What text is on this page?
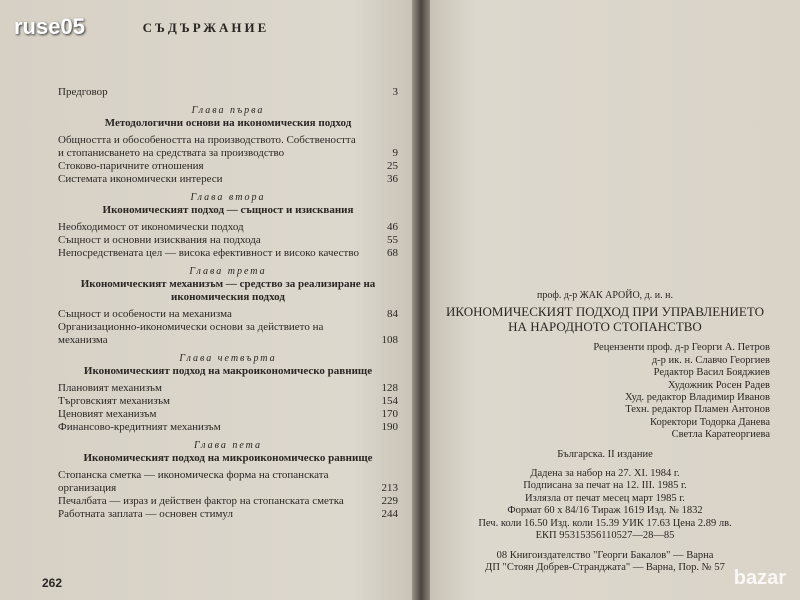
СЪДЪРЖАНИЕ
Предговор	3
Глава първа
Методологични основи на икономическия подход
Общността и обособеността на производството. Собствеността и стопанисването на средствата за производство	9
Стоково-паричните отношения	25
Системата икономически интереси	36
Глава втора
Икономическият подход — същност и изисквания
Необходимост от икономически подход	46
Същност и основни изисквания на подхода	55
Непосредствената цел — висока ефективност и високо качество	68
Глава трета
Икономическият механизъм — средство за реализиране на икономическия подход
Същност и особености на механизма	84
Организационно-икономически основи за действието на механизма	108
Глава четвърта
Икономическият подход на макроикономическо равнище
Плановият механизъм	128
Търговският механизъм	154
Ценовият механизъм	170
Финансово-кредитният механизъм	190
Глава пета
Икономическият подход на микроикономическо равнище
Стопанска сметка — икономическа форма на стопанската организация	213
Печалбата — израз и действен фактор на стопанската сметка	229
Работната заплата — основен стимул	244
262
проф. д-р ЖАК АРОЙО, д. и. н.
ИКОНОМИЧЕСКИЯТ ПОДХОД ПРИ УПРАВЛЕНИЕТО
НА НАРОДНОТО СТОПАНСТВО
Рецензенти проф. д-р Георги А. Петров
д-р ик. н. Славчо Георгиев
Редактор Васил Бояджиев
Художник Росен Радев
Худ. редактор Владимир Иванов
Техн. редактор Пламен Антонов
Коректори Тодорка Данева
Светла Каратеоргиева
Българска. II издание
Дадена за набор на 27. XI. 1984 г.
Подписана за печат на 12. III. 1985 г.
Излязла от печат месец март 1985 г.
Формат 60 x 84/16 Тираж 1619 Изд. № 1832
Печ. коли 16.50 Изд. коли 15.39 УИК 17.63 Цена 2.89 лв.
ЕКП 95315356110527—28—85
08 Книгоиздателство "Георги Бакалов" — Варна
ДП "Стоян Добрев-Странджата" — Варна, Пор. № 57
ruse05
bazar
